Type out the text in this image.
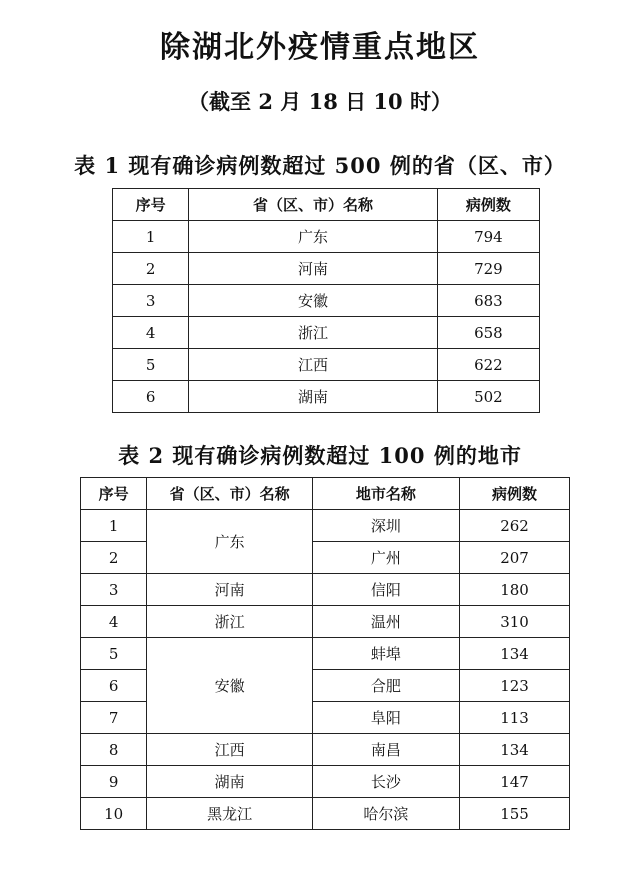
除湖北外疫情重点地区
（截至 2 月 18 日 10 时）
表 1 现有确诊病例数超过 500 例的省（区、市）
序号	省（区、市）名称	病例数
1	广东	794
2	河南	729
3	安徽	683
4	浙江	658
5	江西	622
6	湖南	502
表 2 现有确诊病例数超过 100 例的地市
序号	省（区、市）名称	地市名称	病例数
1	广东	深圳	262
2		广州	207
3	河南	信阳	180
4	浙江	温州	310
5	安徽	蚌埠	134
6		合肥	123
7		阜阳	113
8	江西	南昌	134
9	湖南	长沙	147
10	黑龙江	哈尔滨	155
